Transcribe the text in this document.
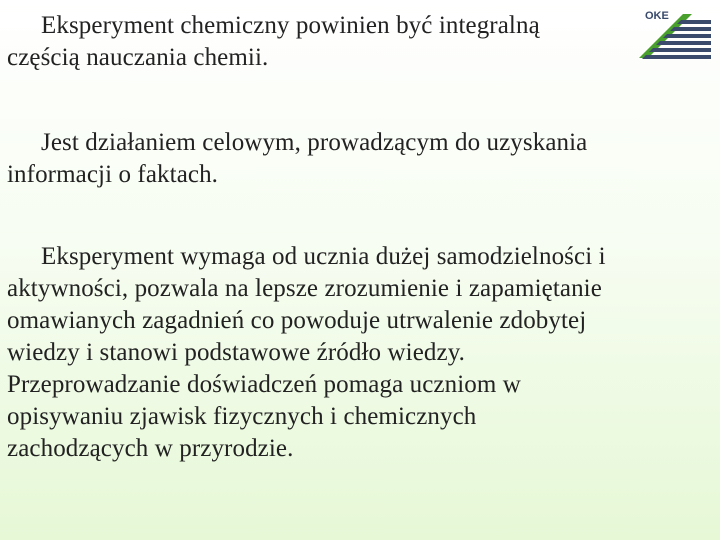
Eksperyment chemiczny powinien być integralną
częścią nauczania chemii.

Jest działaniem celowym, prowadzącym do uzyskania
informacji o faktach.

Eksperyment wymaga od ucznia dużej samodzielności i
aktywności, pozwala na lepsze zrozumienie i zapamiętanie
omawianych zagadnień co powoduje utrwalenie zdobytej
wiedzy i stanowi podstawowe źródło wiedzy.
Przeprowadzanie doświadczeń pomaga uczniom w
opisywaniu zjawisk fizycznych i chemicznych
zachodzących w przyrodzie.

OKE
